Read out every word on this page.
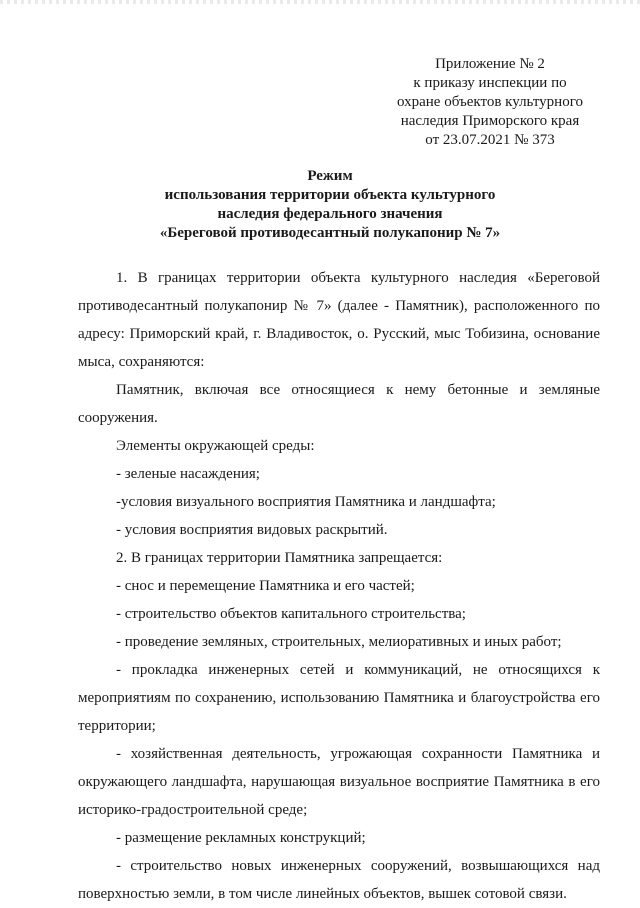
Приложение № 2
к приказу инспекции по
охране объектов культурного
наследия Приморского края
от 23.07.2021 № 373
Режим
использования территории объекта культурного
наследия федерального значения
«Береговой противодесантный полукапонир № 7»

1. В границах территории объекта культурного наследия «Береговой противодесантный полукапонир № 7» (далее - Памятник), расположенного по адресу: Приморский край, г. Владивосток, о. Русский, мыс Тобизина, основание мыса, сохраняются:

Памятник, включая все относящиеся к нему бетонные и земляные сооружения.

Элементы окружающей среды:

- зеленые насаждения;

-условия визуального восприятия Памятника и ландшафта;

- условия восприятия видовых раскрытий.

2. В границах территории Памятника запрещается:

- снос и перемещение Памятника и его частей;

- строительство объектов капитального строительства;

- проведение земляных, строительных, мелиоративных и иных работ;

- прокладка инженерных сетей и коммуникаций, не относящихся к мероприятиям по сохранению, использованию Памятника и благоустройства его территории;

- хозяйственная деятельность, угрожающая сохранности Памятника и окружающего ландшафта, нарушающая визуальное восприятие Памятника в его историко-градостроительной среде;

- размещение рекламных конструкций;

- строительство новых инженерных сооружений, возвышающихся над поверхностью земли, в том числе линейных объектов, вышек сотовой связи.
